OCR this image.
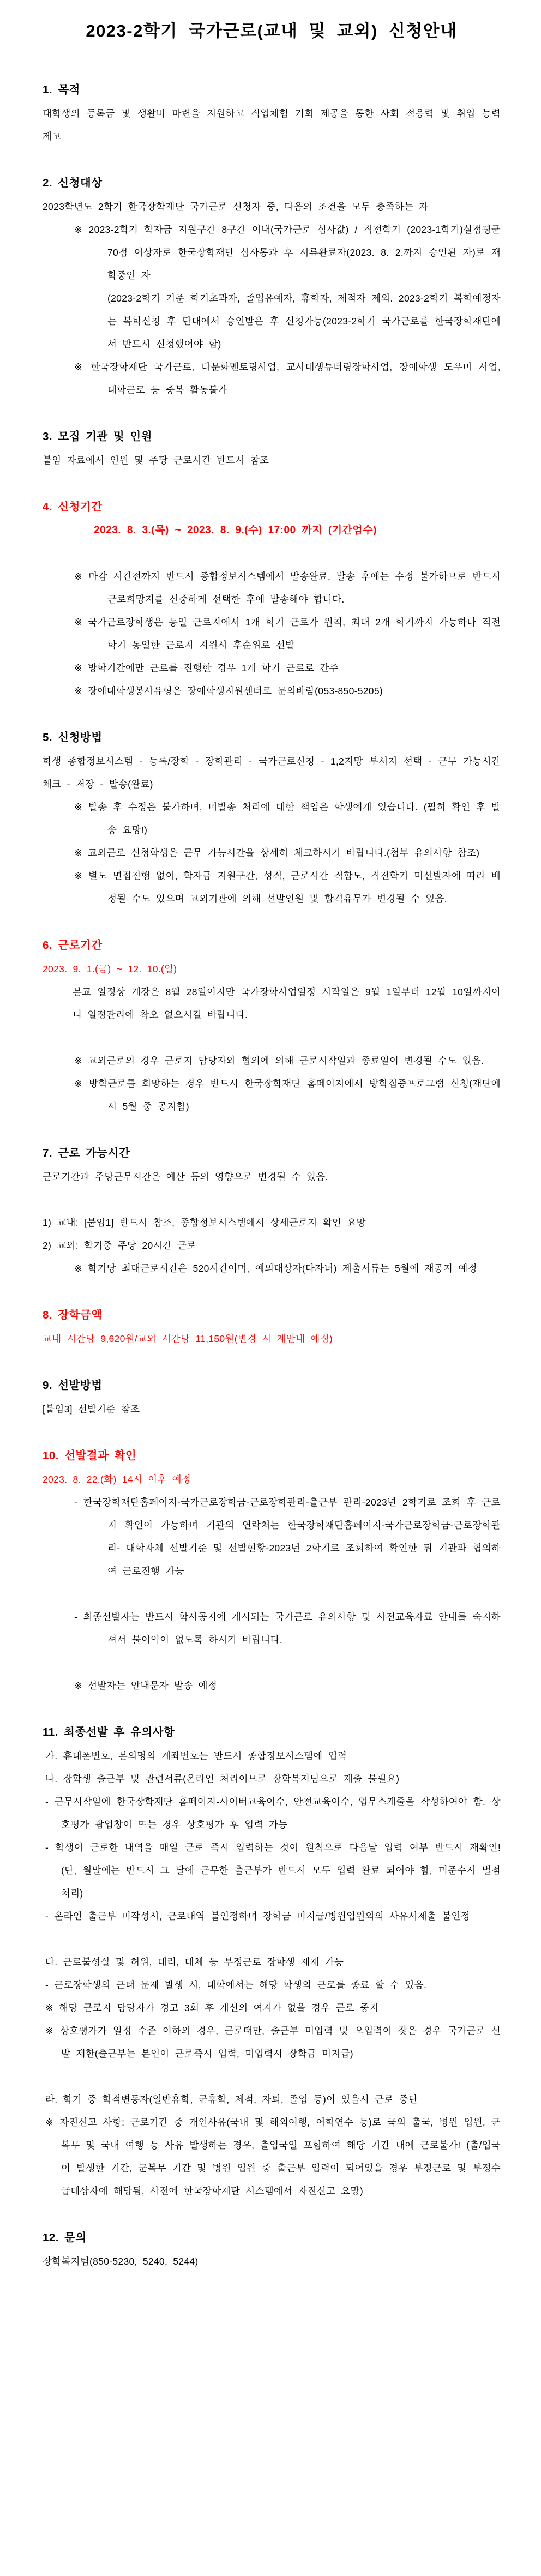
2023-2학기 국가근로(교내 및 교외) 신청안내
1. 목적

대학생의 등록금 및 생활비 마련을 지원하고 직업체험 기회 제공을 통한 사회 적응력 및 취업 능력 제고

2. 신청대상

2023학년도 2학기 한국장학재단 국가근로 신청자 중, 다음의 조건을 모두 충족하는 자

※ 2023-2학기 학자금 지원구간 8구간 이내(국가근로 심사값) / 직전학기 (2023-1학기)실점평균 70점 이상자로 한국장학재단 심사통과 후 서류완료자(2023. 8. 2.까지 승인된 자)로 재학중인 자

(2023-2학기 기준 학기초과자, 졸업유예자, 휴학자, 제적자 제외. 2023-2학기 복학예정자는 복학신청 후 단대에서 승인받은 후 신청가능(2023-2학기 국가근로를 한국장학재단에서 반드시 신청했어야 함)

※ 한국장학재단 국가근로, 다문화멘토링사업, 교사대생튜터링장학사업, 장애학생 도우미 사업, 대학근로 등 중복 활동불가

3. 모집 기관 및 인원

붙임 자료에서 인원 및 주당 근로시간 반드시 참조

4. 신청기간

2023. 8. 3.(목) ~ 2023. 8. 9.(수) 17:00 까지 (기간엄수)

※ 마감 시간전까지 반드시 종합정보시스템에서 발송완료, 발송 후에는 수정 불가하므로 반드시 근로희망지를 신중하게 선택한 후에 발송해야 합니다.

※ 국가근로장학생은 동일 근로지에서 1개 학기 근로가 원칙, 최대 2개 학기까지 가능하나 직전학기 동일한 근로지 지원시 후순위로 선발

※ 방학기간에만 근로를 진행한 경우 1개 학기 근로로 간주

※ 장애대학생봉사유형은 장애학생지원센터로 문의바람(053-850-5205)

5. 신청방법

학생 종합정보시스템 - 등록/장학 - 장학관리 - 국가근로신청 - 1,2지망 부서지 선택 - 근무 가능시간 체크 - 저장 - 발송(완료)

※ 발송 후 수정은 불가하며, 미발송 처리에 대한 책임은 학생에게 있습니다. (필히 확인 후 발송 요망!)

※ 교외근로 신청학생은 근무 가능시간을 상세히 체크하시기 바랍니다.(첨부 유의사항 참조)

※ 별도 면접진행 없이, 학자금 지원구간, 성적, 근로시간 적합도, 직전학기 미선발자에 따라 배정될 수도 있으며 교외기관에 의해 선발인원 및 합격유무가 변경될 수 있음.

6. 근로기간

2023. 9. 1.(금) ~ 12. 10.(일)

본교 일정상 개강은 8월 28일이지만 국가장학사업일정 시작일은 9월 1일부터 12월 10일까지이니 일정관리에 착오 없으시길 바랍니다.

※ 교외근로의 경우 근로지 담당자와 협의에 의해 근로시작일과 종료일이 변경될 수도 있음.

※ 방학근로를 희망하는 경우 반드시 한국장학재단 홈페이지에서 방학집중프로그램 신청(재단에서 5월 중 공지함)

7. 근로 가능시간

근로기간과 주당근무시간은 예산 등의 영향으로 변경될 수 있음.

1) 교내: [붙임1] 반드시 참조, 종합정보시스템에서 상세근로지 확인 요망

2) 교외: 학기중 주당 20시간 근로

※ 학기당 최대근로시간은 520시간이며, 예외대상자(다자녀) 제출서류는 5월에 재공지 예정

8. 장학금액

교내 시간당 9,620원/교외 시간당 11,150원(변경 시 재안내 예정)

9. 선발방법

[붙임3] 선발기준 참조

10. 선발결과 확인

2023. 8. 22.(화) 14시 이후 예정

- 한국장학재단홈페이지-국가근로장학금-근로장학관리-출근부 관리-2023년 2학기로 조회 후 근로지 확인이 가능하며 기관의 연락처는 한국장학재단홈페이지-국가근로장학금-근로장학관리- 대학자체 선발기준 및 선발현황-2023년 2학기로 조회하여 확인한 뒤 기관과 협의하여 근로진행 가능

- 최종선발자는 반드시 학사공지에 게시되는 국가근로 유의사항 및 사전교육자료 안내를 숙지하셔서 불이익이 없도록 하시기 바랍니다.

※ 선발자는 안내문자 발송 예정

11. 최종선발 후 유의사항

가. 휴대폰번호, 본의명의 계좌번호는 반드시 종합정보시스템에 입력

나. 장학생 출근부 및 관련서류(온라인 처리이므로 장학복지팀으로 제출 불필요)

- 근무시작일에 한국장학재단 홈페이지-사이버교육이수, 안전교육이수, 업무스케줄을 작성하여야 함. 상호평가 팝업창이 뜨는 경우 상호평가 후 입력 가능

- 학생이 근로한 내역을 매일 근로 즉시 입력하는 것이 원칙으로 다음날 입력 여부 반드시 재확인!(단, 월말에는 반드시 그 달에 근무한 출근부가 반드시 모두 입력 완료 되어야 함, 미준수시 벌점 처리)

- 온라인 출근부 미작성시, 근로내역 불인정하며 장학금 미지급/병원입원외의 사유서제출 불인정

다. 근로불성실 및 허위, 대리, 대체 등 부정근로 장학생 제재 가능

- 근로장학생의 근태 문제 발생 시, 대학에서는 해당 학생의 근로를 종료 할 수 있음.

※ 해당 근로지 담당자가 경고 3회 후 개선의 여지가 없을 경우 근로 중지

※ 상호평가가 일정 수준 이하의 경우, 근로태만, 출근부 미입력 및 오입력이 잦은 경우 국가근로 선발 제한(출근부는 본인이 근로즉시 입력, 미입력시 장학금 미지급)

라. 학기 중 학적변동자(일반휴학, 군휴학, 제적, 자퇴, 졸업 등)이 있을시 근로 중단

※ 자진신고 사항: 근로기간 중 개인사유(국내 및 해외여행, 어학연수 등)로 국외 출국, 병원 입원, 군복무 및 국내 여행 등 사유 발생하는 경우, 출입국일 포함하여 해당 기간 내에 근로불가! (출/입국이 발생한 기간, 군복무 기간 및 병원 입원 중 출근부 입력이 되어있을 경우 부정근로 및 부정수급대상자에 해당됨, 사전에 한국장학재단 시스템에서 자진신고 요망)

12. 문의

장학복지팀(850-5230, 5240, 5244)
